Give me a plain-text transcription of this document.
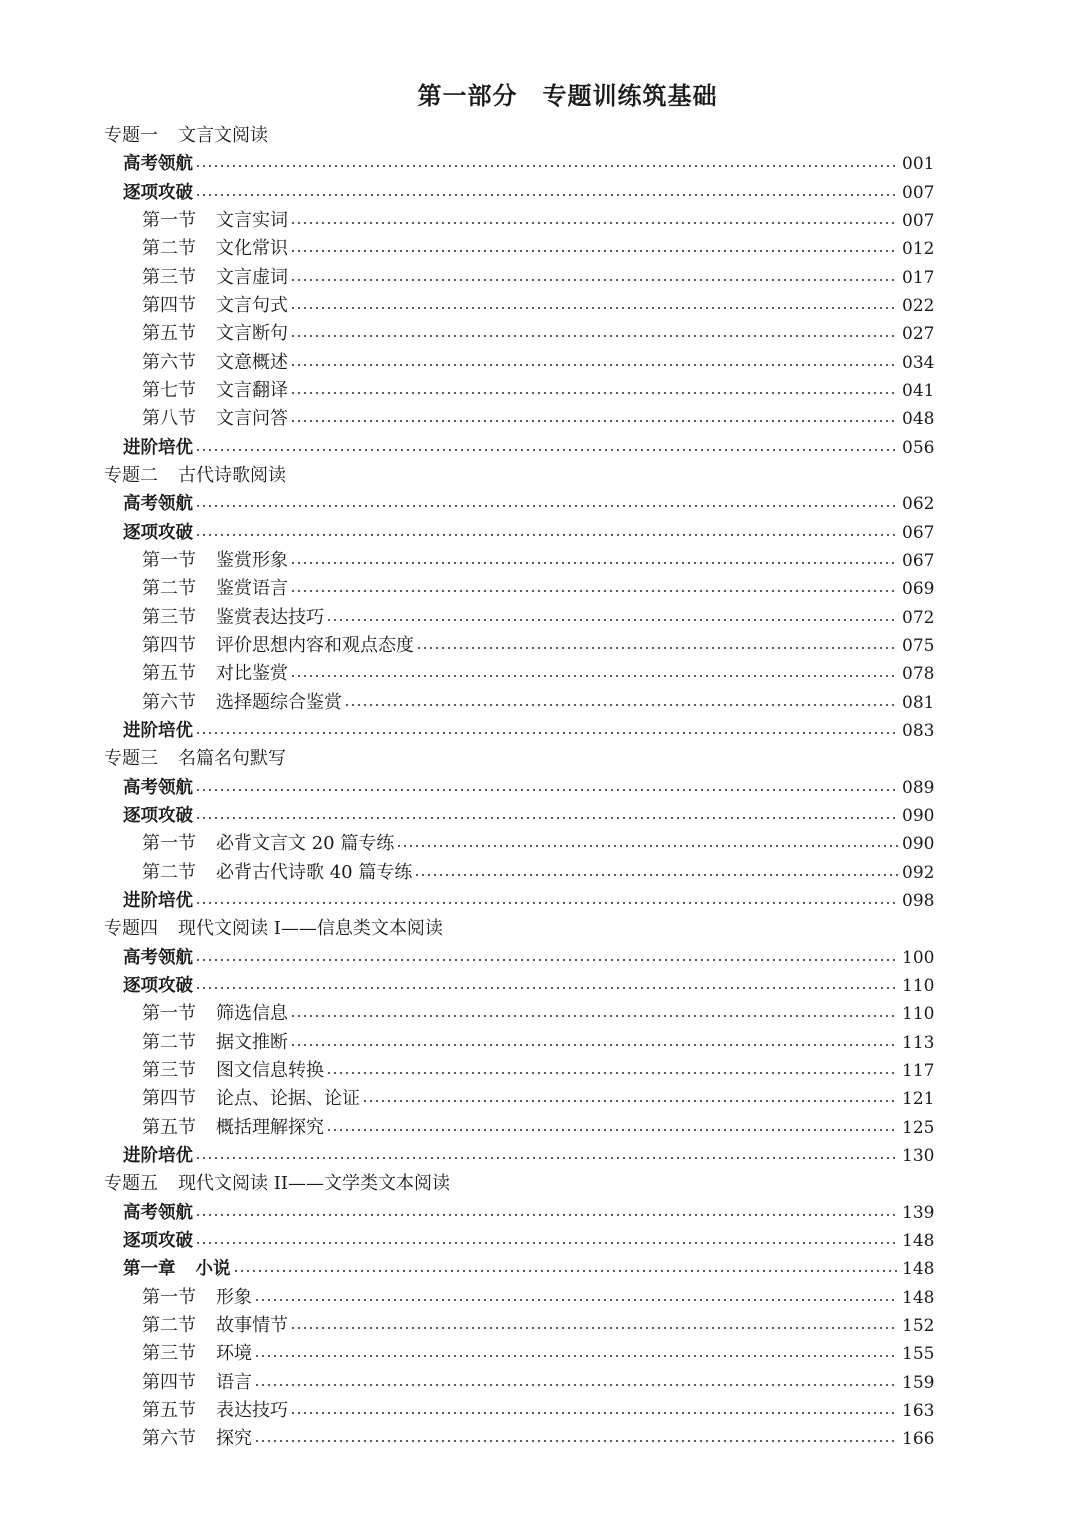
第一部分　专题训练筑基础
专题一 文言文阅读
高考领航	001
逐项攻破	007
第一节 文言实词	007
第二节 文化常识	012
第三节 文言虚词	017
第四节 文言句式	022
第五节 文言断句	027
第六节 文意概述	034
第七节 文言翻译	041
第八节 文言问答	048
进阶培优	056
专题二 古代诗歌阅读
高考领航	062
逐项攻破	067
第一节 鉴赏形象	067
第二节 鉴赏语言	069
第三节 鉴赏表达技巧	072
第四节 评价思想内容和观点态度	075
第五节 对比鉴赏	078
第六节 选择题综合鉴赏	081
进阶培优	083
专题三 名篇名句默写
高考领航	089
逐项攻破	090
第一节 必背文言文 20 篇专练	090
第二节 必背古代诗歌 40 篇专练	092
进阶培优	098
专题四 现代文阅读 I——信息类文本阅读
高考领航	100
逐项攻破	110
第一节 筛选信息	110
第二节 据文推断	113
第三节 图文信息转换	117
第四节 论点、论据、论证	121
第五节 概括理解探究	125
进阶培优	130
专题五 现代文阅读 II——文学类文本阅读
高考领航	139
逐项攻破	148
第一章 小说	148
第一节 形象	148
第二节 故事情节	152
第三节 环境	155
第四节 语言	159
第五节 表达技巧	163
第六节 探究	166
